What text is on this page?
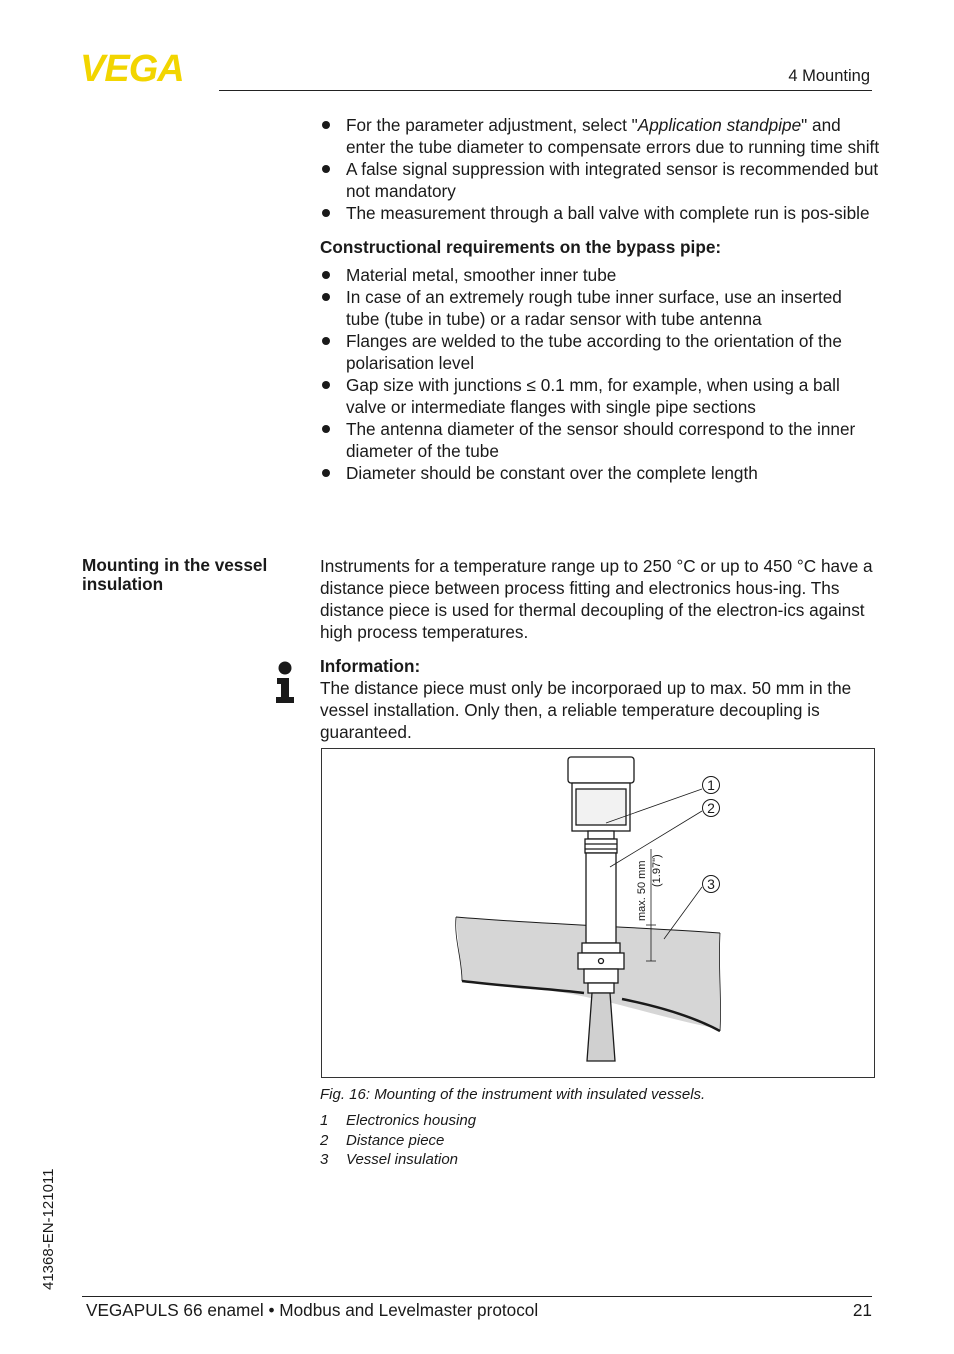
VEGA	4 Mounting
For the parameter adjustment, select "Application standpipe" and enter the tube diameter to compensate errors due to running time shift
A false signal suppression with integrated sensor is recommended but not mandatory
The measurement through a ball valve with complete run is pos-sible
Constructional requirements on the bypass pipe:
Material metal, smoother inner tube
In case of an extremely rough tube inner surface, use an inserted tube (tube in tube) or a radar sensor with tube antenna
Flanges are welded to the tube according to the orientation of the polarisation level
Gap size with junctions ≤ 0.1 mm, for example, when using a ball valve or intermediate flanges with single pipe sections
The antenna diameter of the sensor should correspond to the inner diameter of the tube
Diameter should be constant over the complete length
Mounting in the vessel insulation
Instruments for a temperature range up to 250 °C or up to 450 °C have a distance piece between process fitting and electronics hous-ing. Ths distance piece is used for thermal decoupling of the electron-ics against high process temperatures.
Information:
The distance piece must only be incorporaed up to max. 50 mm in the vessel installation. Only then, a reliable temperature decoupling is guaranteed.
max. 50 mm (1.97")
1
2
3
Fig. 16: Mounting of the instrument with insulated vessels.
1 Electronics housing
2 Distance piece
3 Vessel insulation
41368-EN-121011
VEGAPULS 66 enamel • Modbus and Levelmaster protocol	21
